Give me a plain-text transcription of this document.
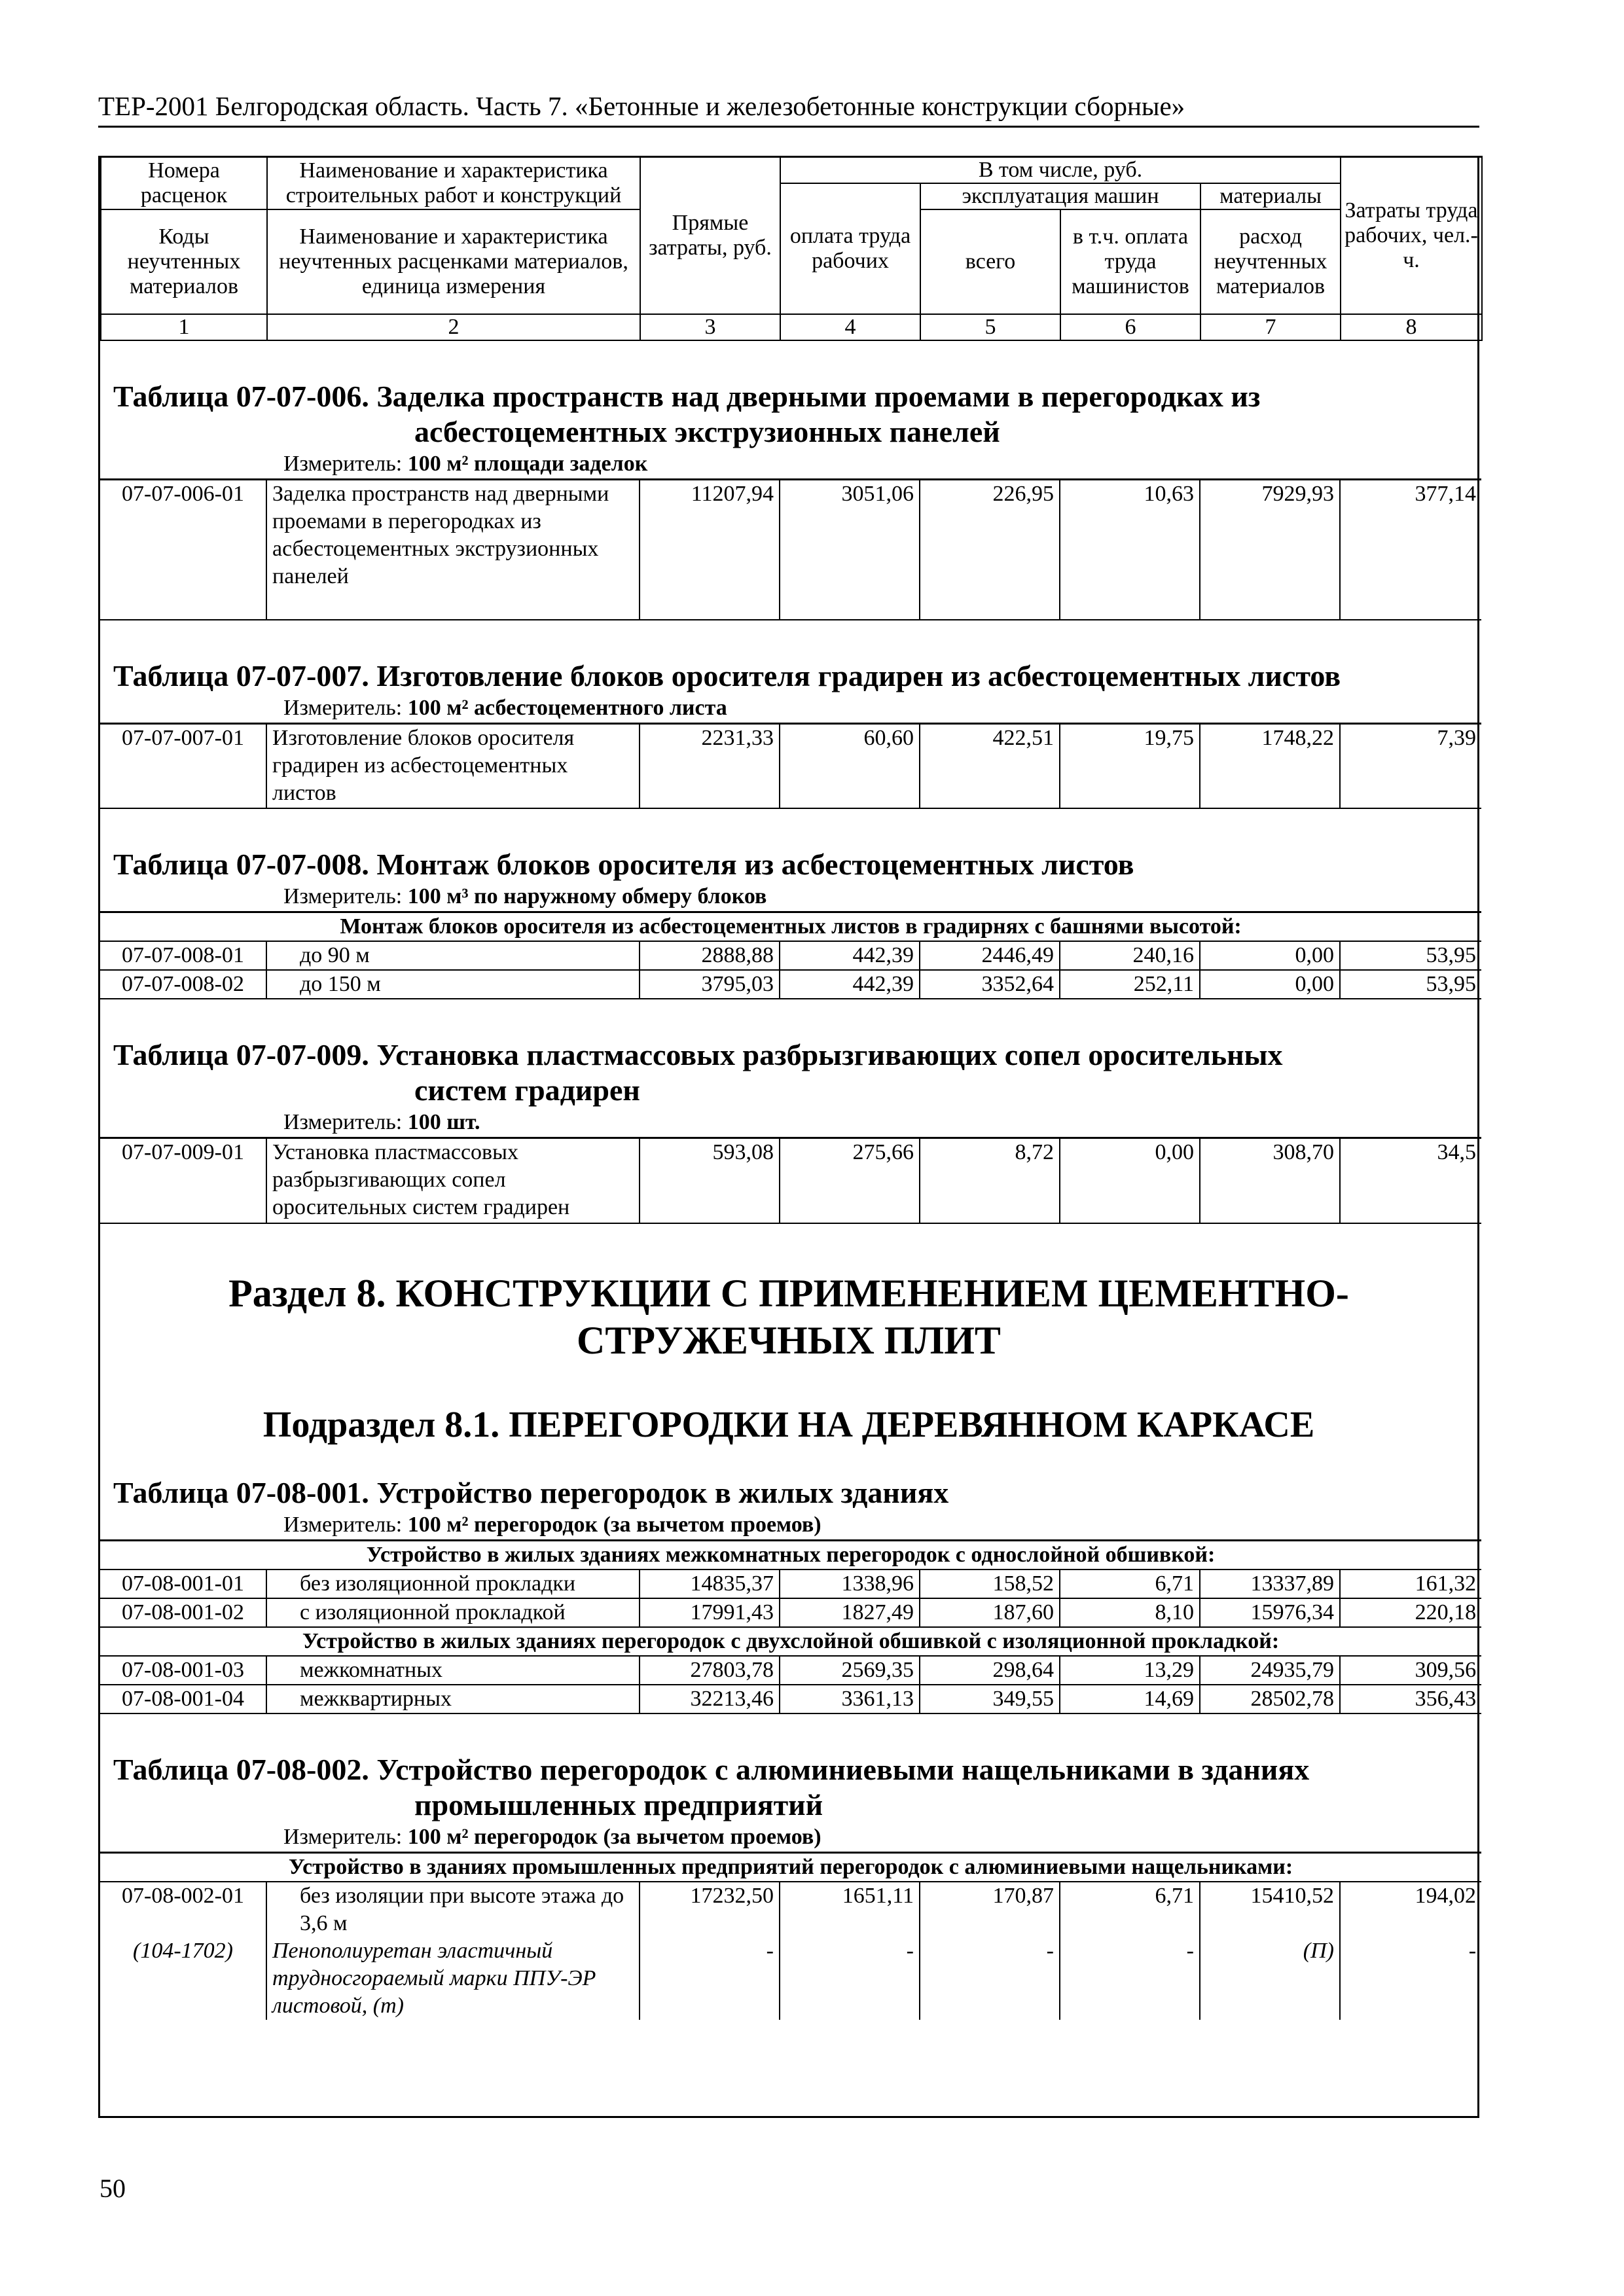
ТЕР-2001 Белгородская область. Часть 7. «Бетонные и железобетонные конструкции сборные»
Номера расценок	Наименование и характеристика строительных работ и конструкций	Прямые затраты, руб.	В том числе, руб.				Затраты труда рабочих, чел.-ч.
			оплата труда рабочих	эксплуатация машин		материалы	
Коды неучтенных материалов	Наименование и характеристика неучтенных расценками материалов, единица измерения			всего	в т.ч. оплата труда машинистов	расход неучтенных материалов	

1	2	3	4	5	6	7	8
Таблица 07-07-006. Заделка пространств над дверными проемами в перегородках из
асбестоцементных экструзионных панелей
Измеритель: 100 м² площади заделок
07-07-006-01	Заделка пространств над дверными проемами в перегородках из асбестоцементных экструзионных панелей	11207,94	3051,06	226,95	10,63	7929,93	377,14
Таблица 07-07-007. Изготовление блоков оросителя градирен из асбестоцементных листов
Измеритель: 100 м² асбестоцементного листа
07-07-007-01	Изготовление блоков оросителя градирен из асбестоцементных листов	2231,33	60,60	422,51	19,75	1748,22	7,39
Таблица 07-07-008. Монтаж блоков оросителя из асбестоцементных листов
Измеритель: 100 м³ по наружному обмеру блоков
Монтаж блоков оросителя из асбестоцементных листов в градирнях с башнями высотой:							
07-07-008-01	до 90 м	2888,88	442,39	2446,49	240,16	0,00	53,95
07-07-008-02	до 150 м	3795,03	442,39	3352,64	252,11	0,00	53,95
Таблица 07-07-009. Установка пластмассовых разбрызгивающих сопел оросительных
систем градирен
Измеритель: 100 шт.
07-07-009-01	Установка пластмассовых разбрызгивающих сопел оросительных систем градирен	593,08	275,66	8,72	0,00	308,70	34,5
Раздел 8. КОНСТРУКЦИИ С ПРИМЕНЕНИЕМ ЦЕМЕНТНО-
СТРУЖЕЧНЫХ ПЛИТ
Подраздел 8.1. ПЕРЕГОРОДКИ НА ДЕРЕВЯННОМ КАРКАСЕ
Таблица 07-08-001. Устройство перегородок в жилых зданиях
Измеритель: 100 м² перегородок (за вычетом проемов)
Устройство в жилых зданиях межкомнатных перегородок с однослойной обшивкой:							
07-08-001-01	без изоляционной прокладки	14835,37	1338,96	158,52	6,71	13337,89	161,32
07-08-001-02	с изоляционной прокладкой	17991,43	1827,49	187,60	8,10	15976,34	220,18
Устройство в жилых зданиях перегородок с двухслойной обшивкой с изоляционной прокладкой:							
07-08-001-03	межкомнатных	27803,78	2569,35	298,64	13,29	24935,79	309,56
07-08-001-04	межквартирных	32213,46	3361,13	349,55	14,69	28502,78	356,43
Таблица 07-08-002. Устройство перегородок с алюминиевыми нащельниками в зданиях
промышленных предприятий
Измеритель: 100 м² перегородок (за вычетом проемов)
Устройство в зданиях промышленных предприятий перегородок с алюминиевыми нащельниками:							
07-08-002-01	без изоляции при высоте этажа до 3,6 м	17232,50	1651,11	170,87	6,71	15410,52	194,02
(104-1702)	Пенополиуретан эластичный трудносгораемый марки ППУ-ЭР листовой, (т)	-	-	-	-	(П)	-
50
